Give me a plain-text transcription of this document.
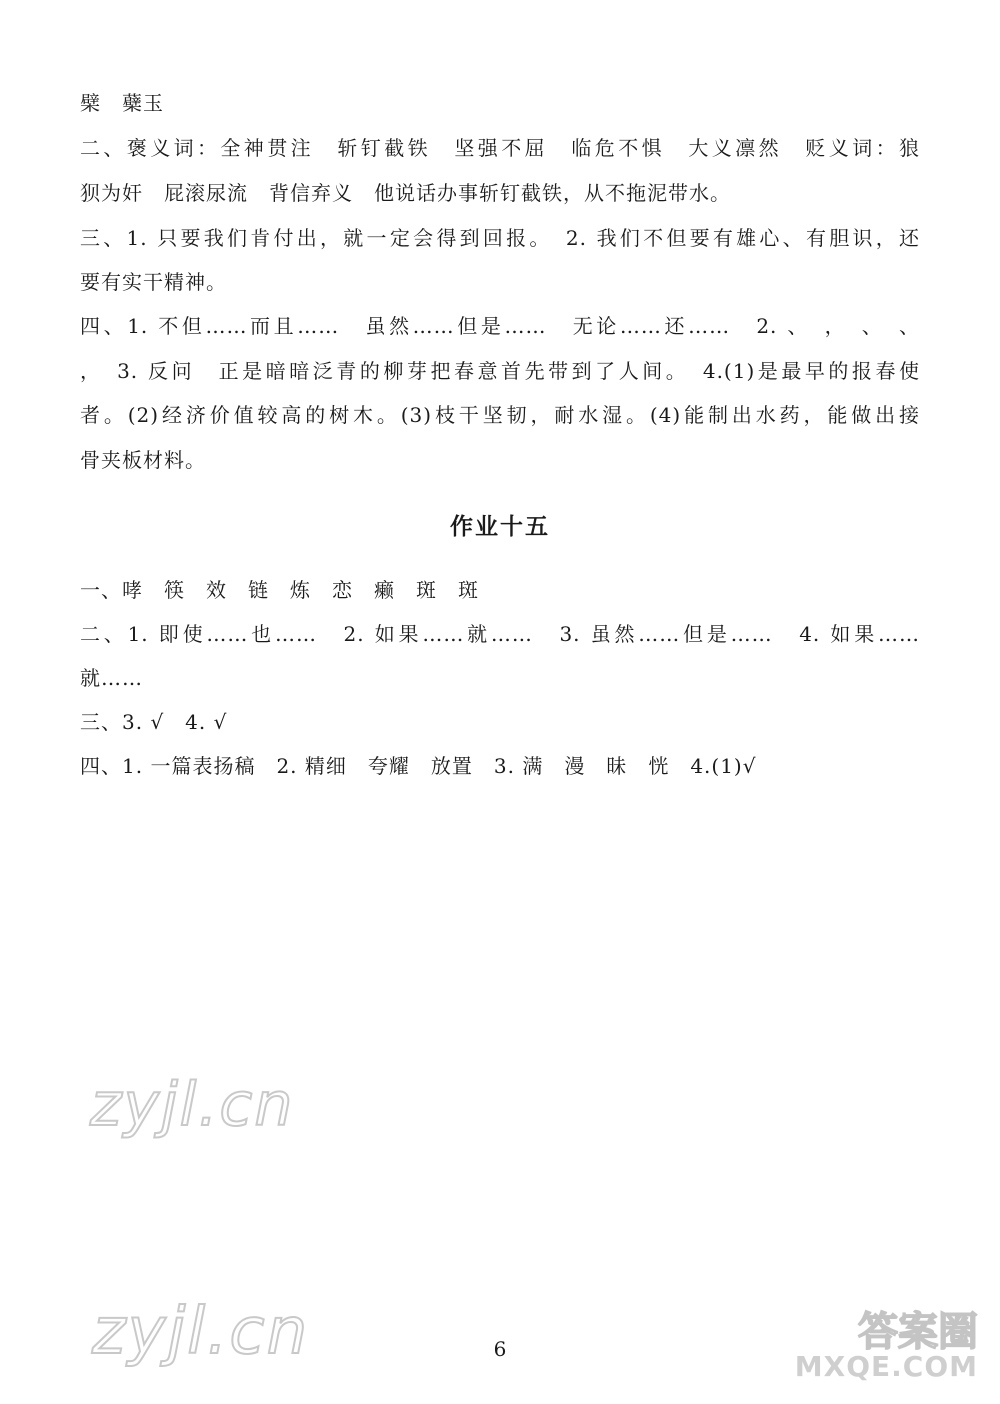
檗　蘗玉
二、褒义词：全神贯注　斩钉截铁　坚强不屈　临危不惧　大义凛然　贬义词：狼
狈为奸　屁滚尿流　背信弃义　他说话办事斩钉截铁，从不拖泥带水。
三、1. 只要我们肯付出，就一定会得到回报。　2. 我们不但要有雄心、有胆识，还
要有实干精神。
四、1. 不但……而且……　虽然……但是……　无论……还……　2. 、　，　、　、
，　3. 反问　正是暗暗泛青的柳芽把春意首先带到了人间。　4.(1)是最早的报春使
者。(2)经济价值较高的树木。(3)枝干坚韧，耐水湿。(4)能制出水药，能做出接
骨夹板材料。
作业十五
一、哮　筷　效　链　炼　恋　癞　斑　斑
二、1. 即使……也……　2. 如果……就……　3. 虽然……但是……　4. 如果……
就……
三、3. √　4. √
四、1. 一篇表扬稿　2. 精细　夸耀　放置　3. 满　漫　昧　恍　4.(1)√
zyjl.cn
zyjl.cn	6	答案圈
MXQE.COM
